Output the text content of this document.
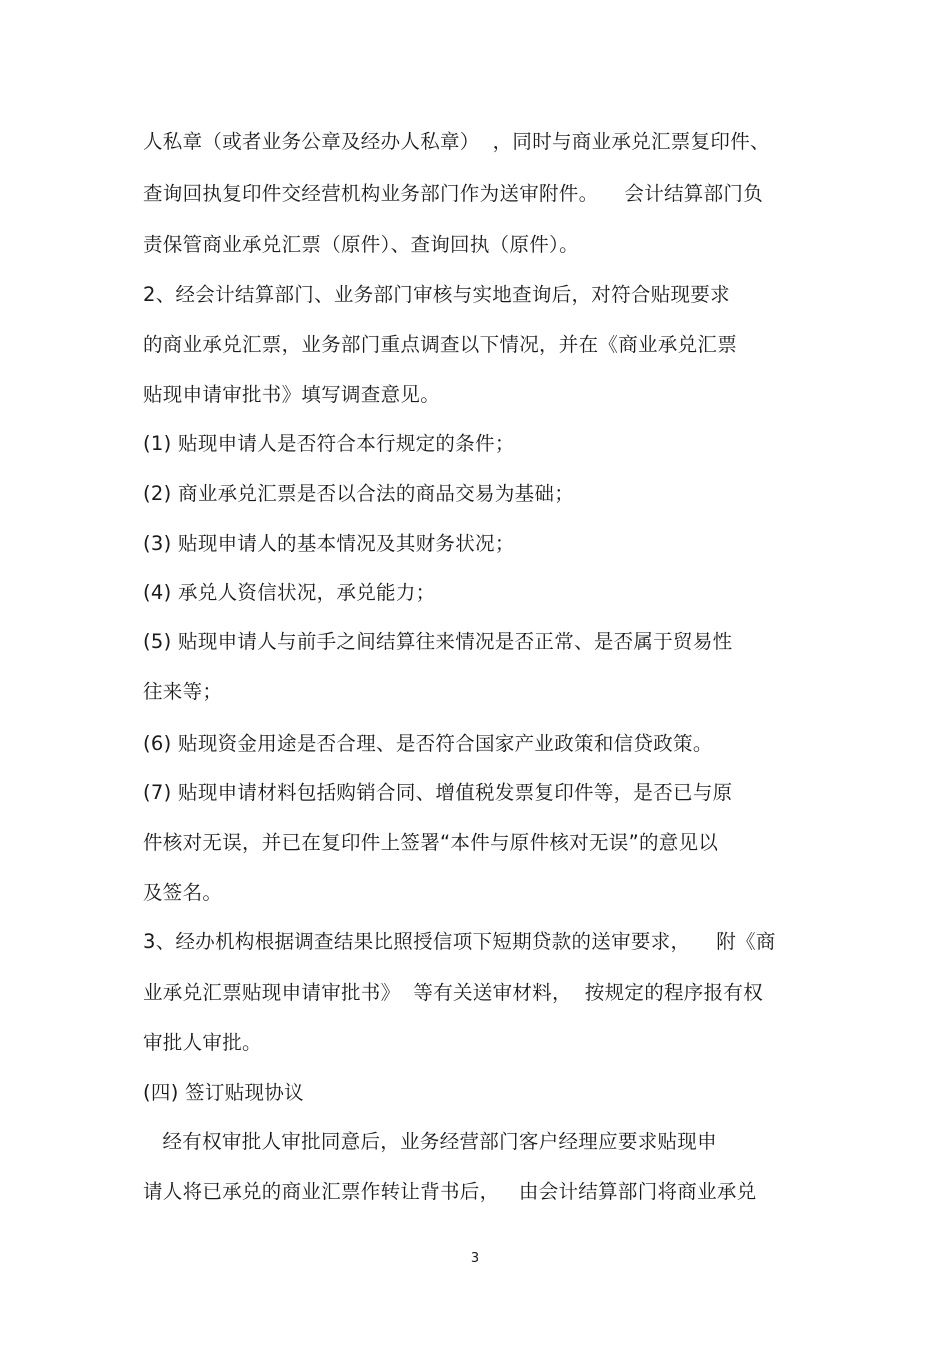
人私章（或者业务公章及经办人私章）  ，同时与商业承兑汇票复印件、
查询回执复印件交经营机构业务部门作为送审附件。    会计结算部门负
责保管商业承兑汇票（原件）、查询回执（原件）。
2、经会计结算部门、业务部门审核与实地查询后，对符合贴现要求
的商业承兑汇票，业务部门重点调查以下情况，并在《商业承兑汇票
贴现申请审批书》填写调查意见。
(1) 贴现申请人是否符合本行规定的条件；
(2) 商业承兑汇票是否以合法的商品交易为基础；
(3) 贴现申请人的基本情况及其财务状况；
(4) 承兑人资信状况，承兑能力；
(5) 贴现申请人与前手之间结算往来情况是否正常、是否属于贸易性
往来等；
(6) 贴现资金用途是否合理、是否符合国家产业政策和信贷政策。
(7) 贴现申请材料包括购销合同、增值税发票复印件等，是否已与原
件核对无误，并已在复印件上签署“本件与原件核对无误”的意见以
及签名。
3、经办机构根据调查结果比照授信项下短期贷款的送审要求，    附《商
业承兑汇票贴现申请审批书》  等有关送审材料，  按规定的程序报有权
审批人审批。
(四) 签订贴现协议
经有权审批人审批同意后，业务经营部门客户经理应要求贴现申
请人将已承兑的商业汇票作转让背书后，   由会计结算部门将商业承兑
3
